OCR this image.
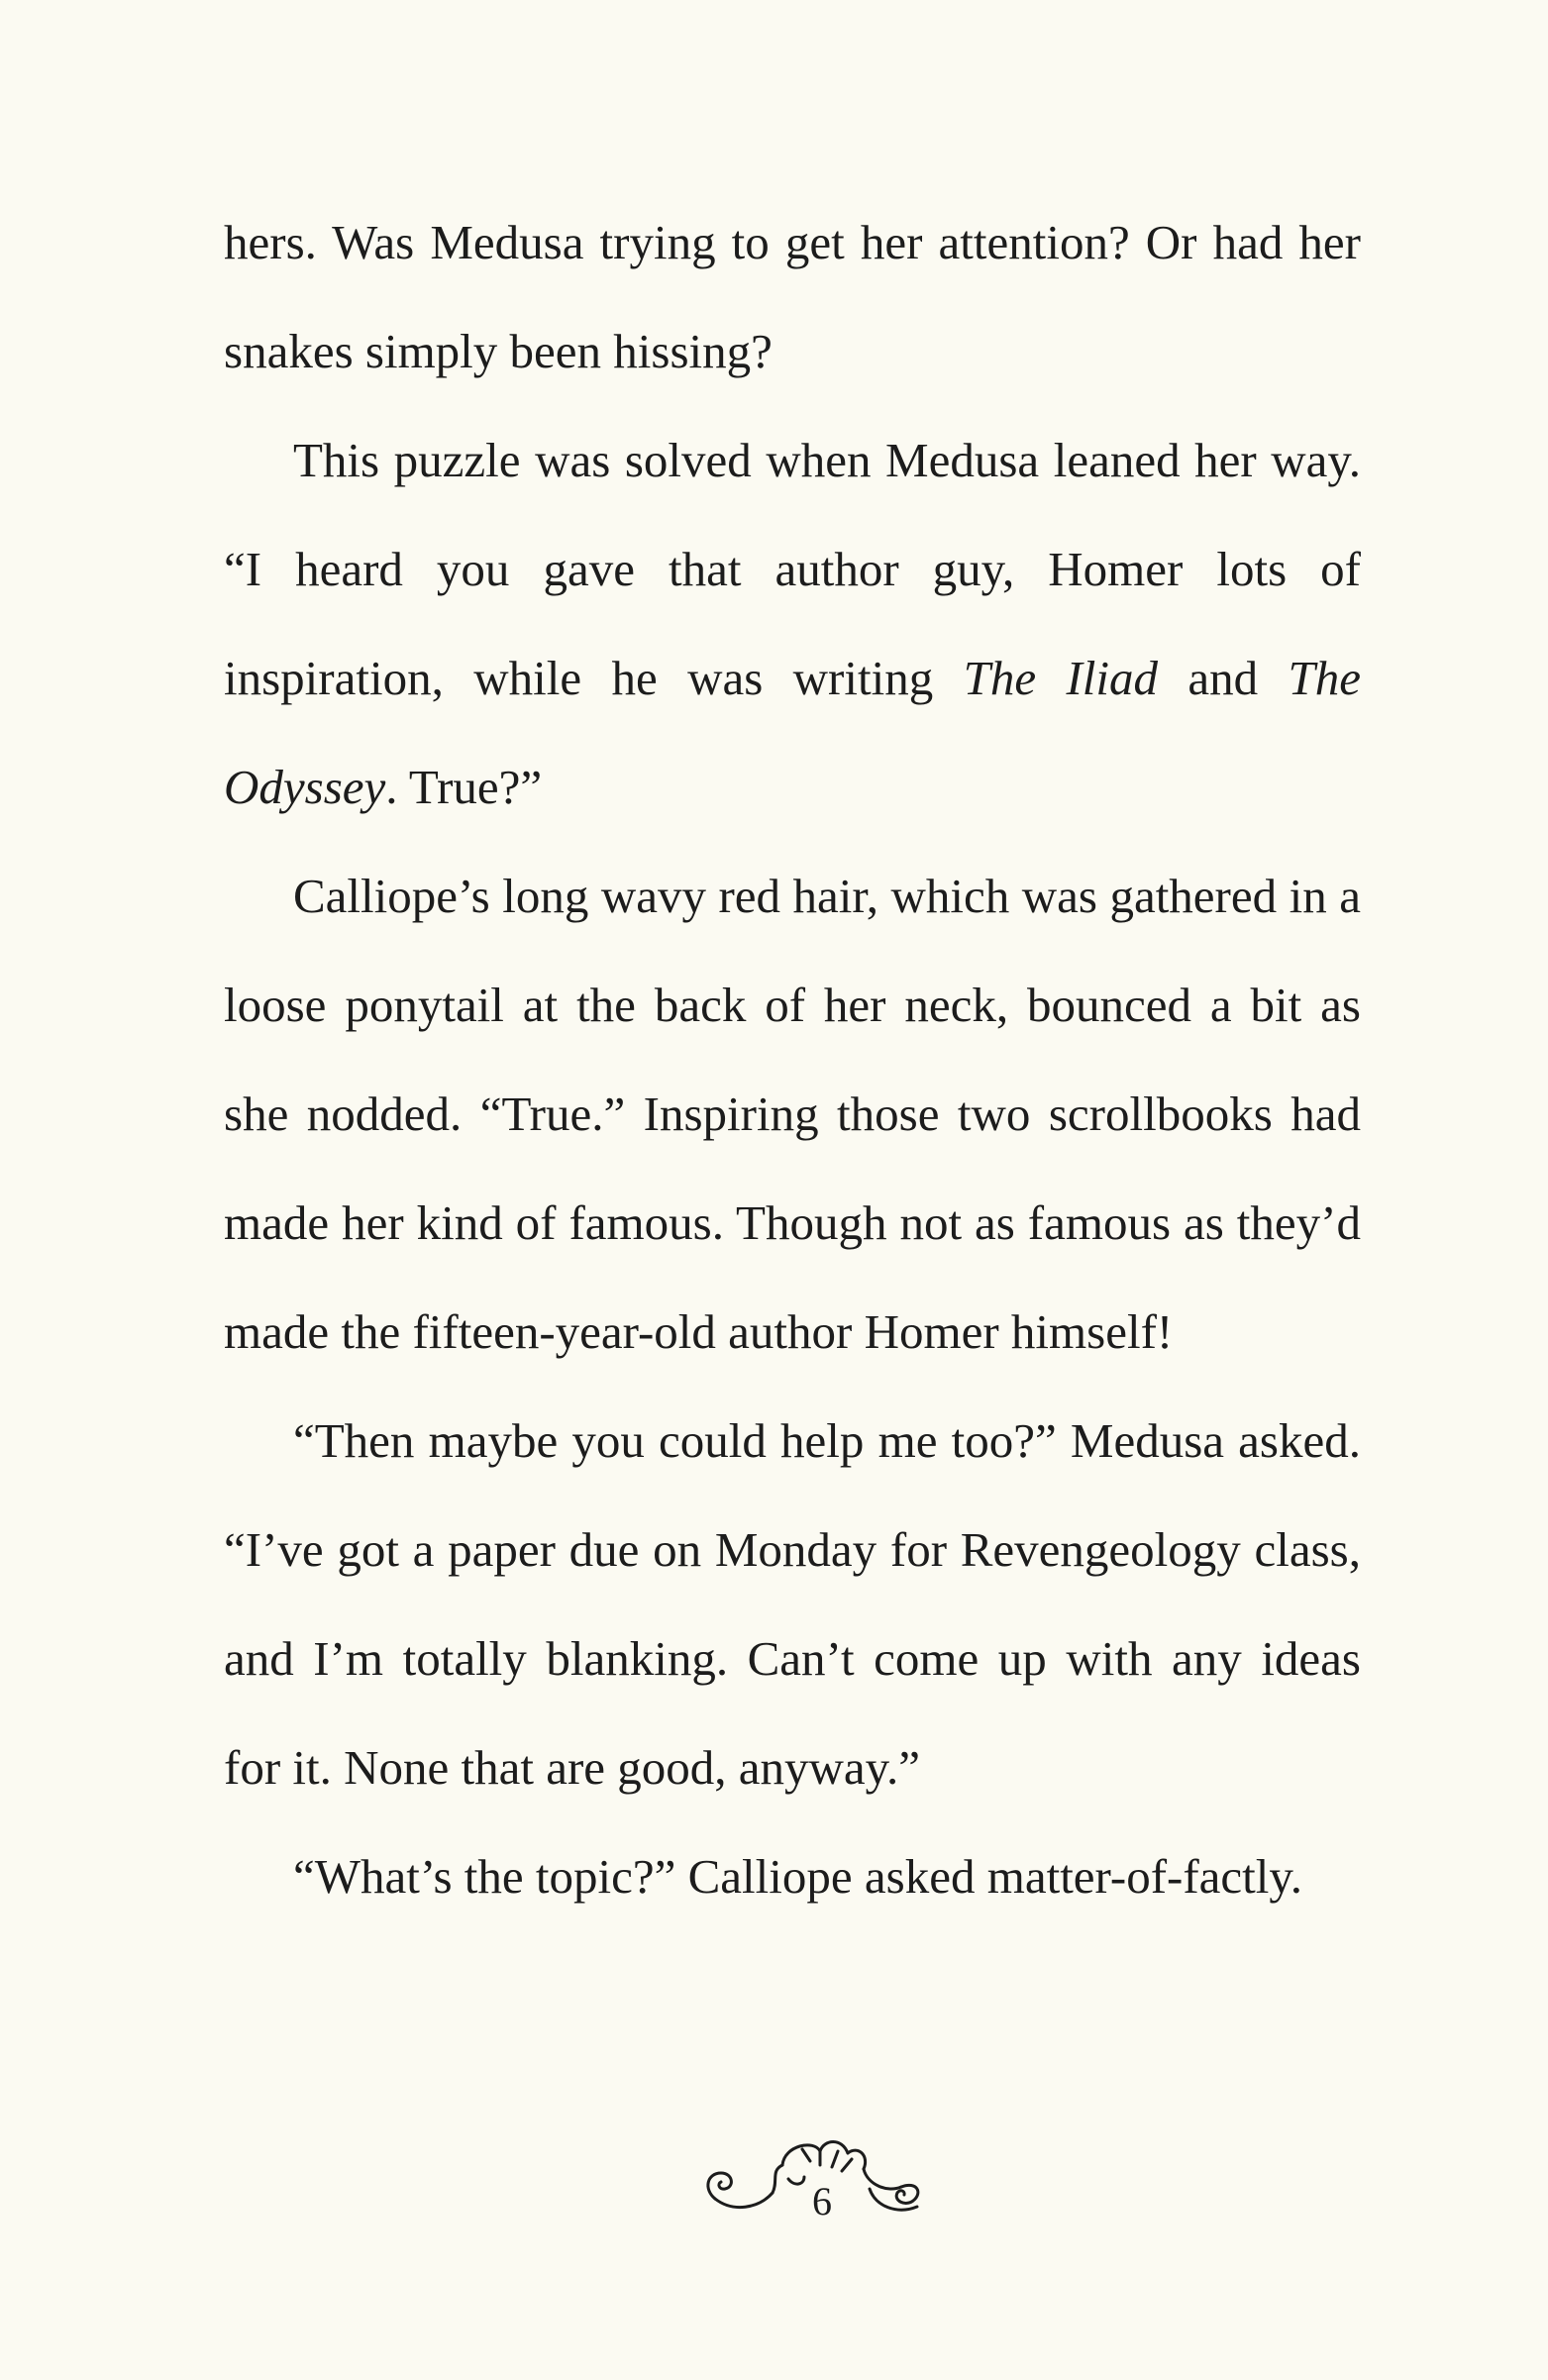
hers. Was Medusa trying to get her attention? Or had her snakes simply been hissing?

This puzzle was solved when Medusa leaned her way. “I heard you gave that author guy, Homer lots of inspiration, while he was writing The Iliad and The Odyssey. True?”

Calliope’s long wavy red hair, which was gathered in a loose ponytail at the back of her neck, bounced a bit as she nodded. “True.” Inspiring those two scrollbooks had made her kind of famous. Though not as famous as they’d made the fifteen-year-old author Homer himself!

“Then maybe you could help me too?” Medusa asked. “I’ve got a paper due on Monday for Revengeology class, and I’m totally blanking. Can’t come up with any ideas for it. None that are good, anyway.”

“What’s the topic?” Calliope asked matter-of-factly.

6
